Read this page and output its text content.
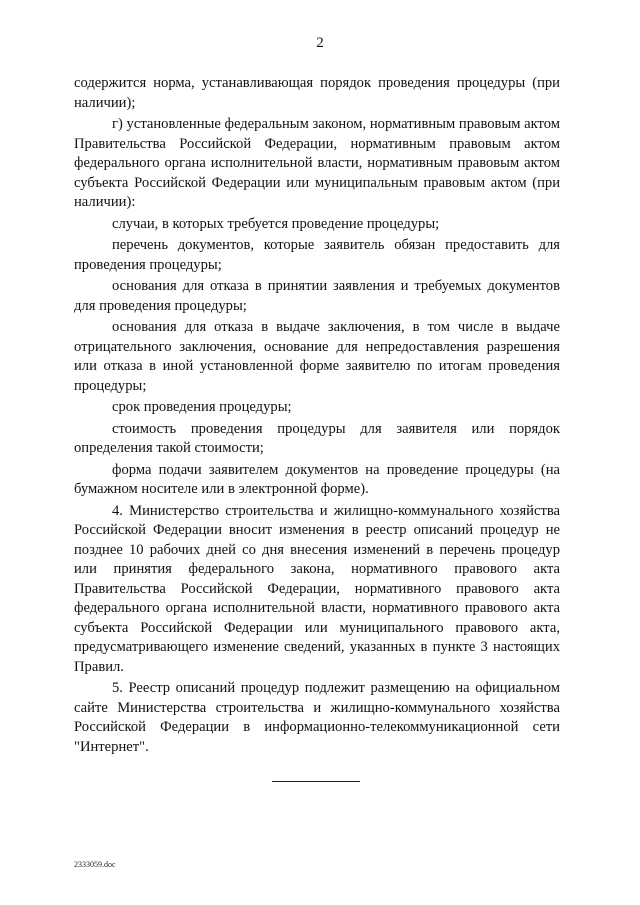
2

содержится норма, устанавливающая порядок проведения процедуры (при наличии);

г) установленные федеральным законом, нормативным правовым актом Правительства Российской Федерации, нормативным правовым актом федерального органа исполнительной власти, нормативным правовым актом субъекта Российской Федерации или муниципальным правовым актом (при наличии):

случаи, в которых требуется проведение процедуры;

перечень документов, которые заявитель обязан предоставить для проведения процедуры;

основания для отказа в принятии заявления и требуемых документов для проведения процедуры;

основания для отказа в выдаче заключения, в том числе в выдаче отрицательного заключения, основание для непредоставления разрешения или отказа в иной установленной форме заявителю по итогам проведения процедуры;

срок проведения процедуры;

стоимость проведения процедуры для заявителя или порядок определения такой стоимости;

форма подачи заявителем документов на проведение процедуры (на бумажном носителе или в электронной форме).

4. Министерство строительства и жилищно-коммунального хозяйства Российской Федерации вносит изменения в реестр описаний процедур не позднее 10 рабочих дней со дня внесения изменений в перечень процедур или принятия федерального закона, нормативного правового акта Правительства Российской Федерации, нормативного правового акта федерального органа исполнительной власти, нормативного правового акта субъекта Российской Федерации или муниципального правового акта, предусматривающего изменение сведений, указанных в пункте 3 настоящих Правил.

5. Реестр описаний процедур подлежит размещению на официальном сайте Министерства строительства и жилищно-коммунального хозяйства Российской Федерации в информационно-телекоммуникационной сети "Интернет".

2333059.doc
